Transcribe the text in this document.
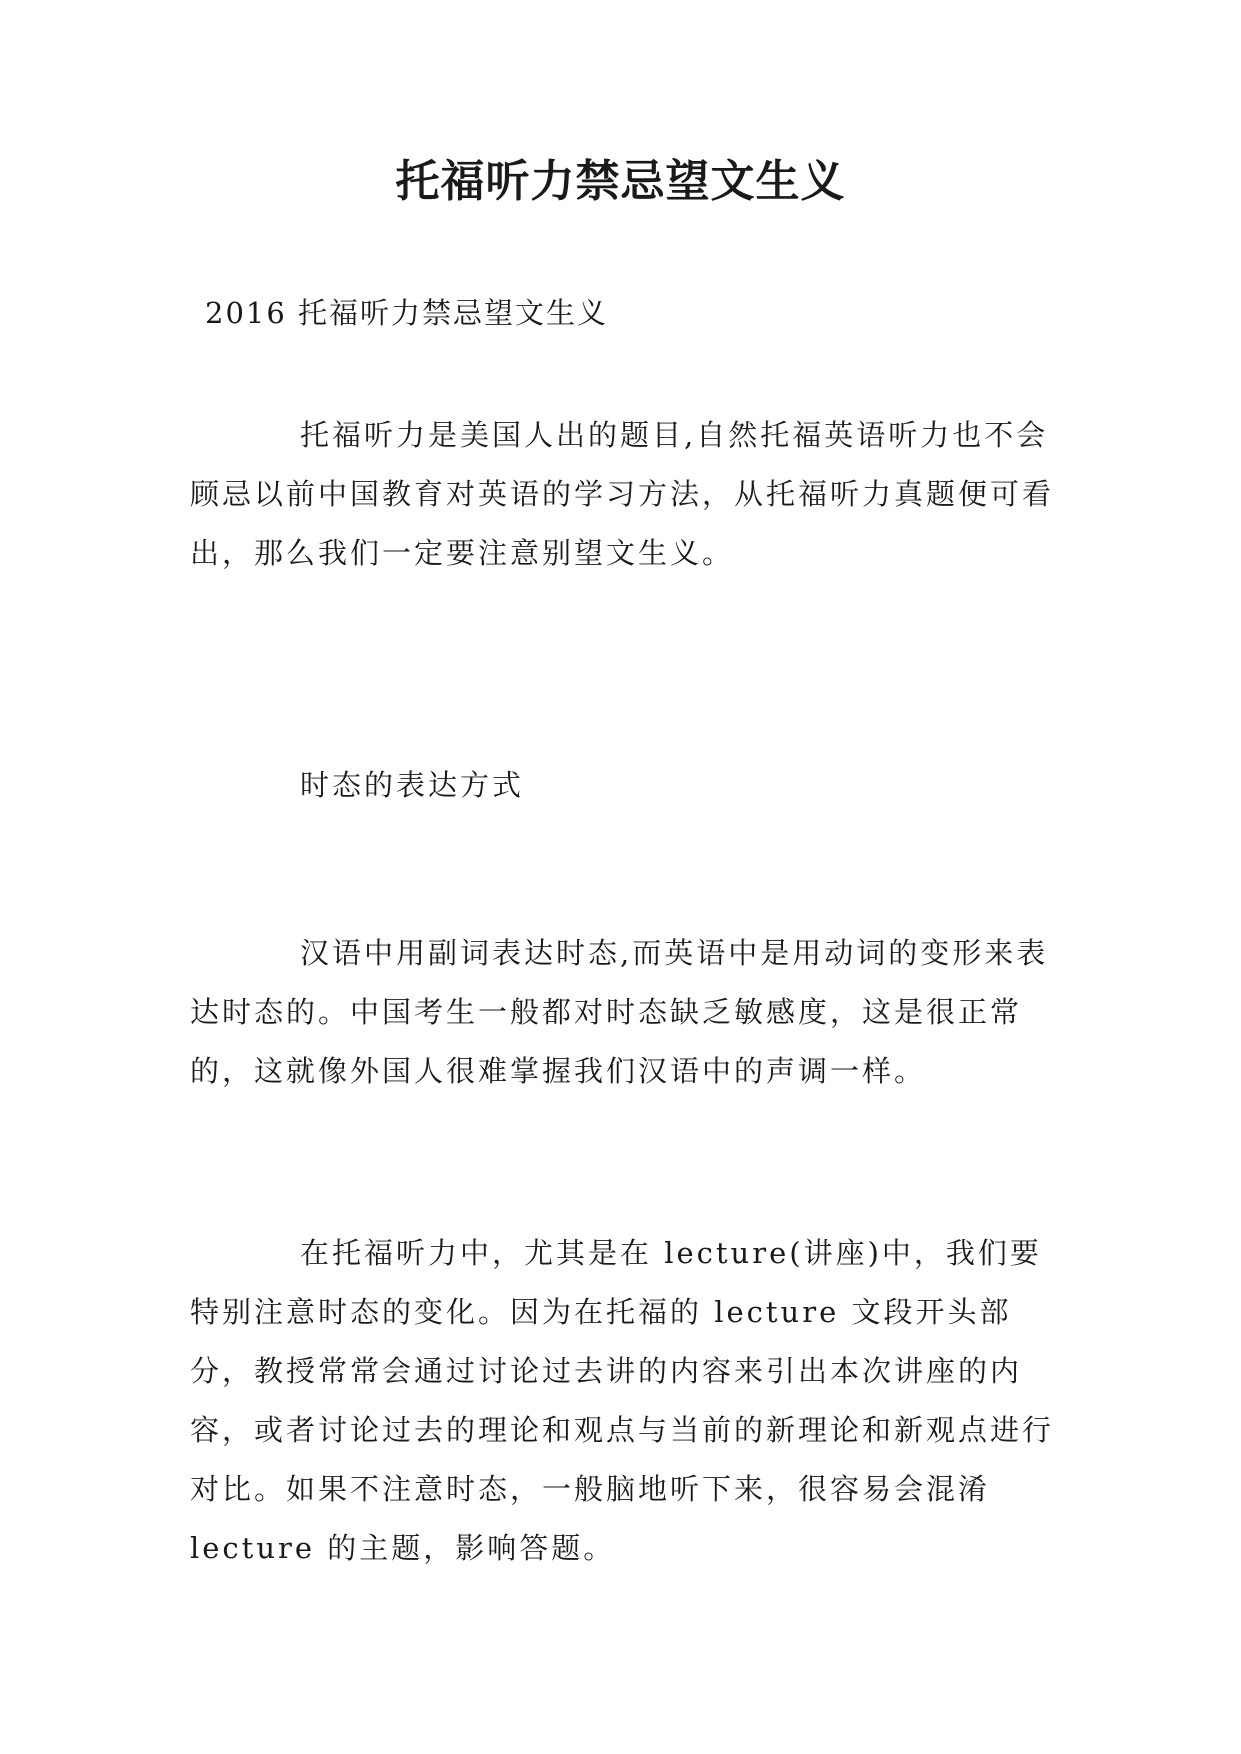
托福听力禁忌望文生义

2016 托福听力禁忌望文生义

托福听力是美国人出的题目,自然托福英语听力也不会顾忌以前中国教育对英语的学习方法，从托福听力真题便可看出，那么我们一定要注意别望文生义。

时态的表达方式

汉语中用副词表达时态,而英语中是用动词的变形来表达时态的。中国考生一般都对时态缺乏敏感度，这是很正常的，这就像外国人很难掌握我们汉语中的声调一样。

在托福听力中，尤其是在 lecture(讲座)中，我们要特别注意时态的变化。因为在托福的 lecture 文段开头部分，教授常常会通过讨论过去讲的内容来引出本次讲座的内容，或者讨论过去的理论和观点与当前的新理论和新观点进行对比。如果不注意时态，一般脑地听下来，很容易会混淆 lecture 的主题，影响答题。
